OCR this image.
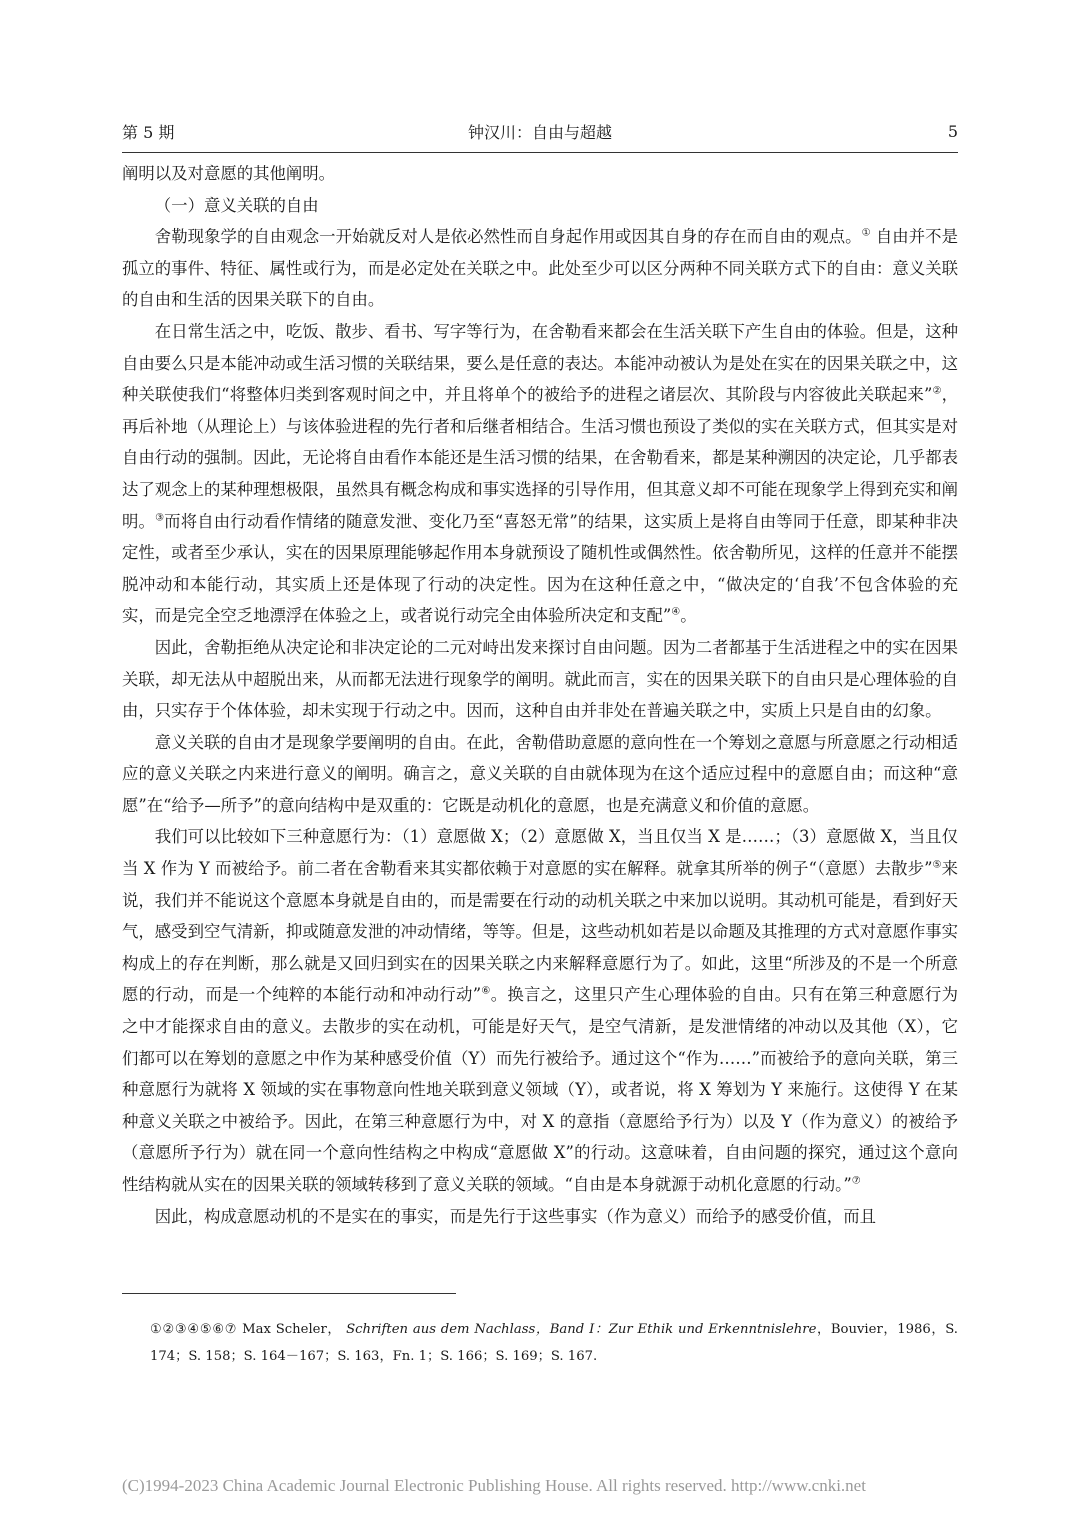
第 5 期	钟汉川：自由与超越	5

阐明以及对意愿的其他阐明。

（一）意义关联的自由

舍勒现象学的自由观念一开始就反对人是依必然性而自身起作用或因其自身的存在而自由的观点。① 自由并不是孤立的事件、特征、属性或行为，而是必定处在关联之中。此处至少可以区分两种不同关联方式下的自由：意义关联的自由和生活的因果关联下的自由。

在日常生活之中，吃饭、散步、看书、写字等行为，在舍勒看来都会在生活关联下产生自由的体验。但是，这种自由要么只是本能冲动或生活习惯的关联结果，要么是任意的表达。本能冲动被认为是处在实在的因果关联之中，这种关联使我们“将整体归类到客观时间之中，并且将单个的被给予的进程之诸层次、其阶段与内容彼此关联起来”②，再后补地（从理论上）与该体验进程的先行者和后继者相结合。生活习惯也预设了类似的实在关联方式，但其实是对自由行动的强制。因此，无论将自由看作本能还是生活习惯的结果，在舍勒看来，都是某种溯因的决定论，几乎都表达了观念上的某种理想极限，虽然具有概念构成和事实选择的引导作用，但其意义却不可能在现象学上得到充实和阐明。③而将自由行动看作情绪的随意发泄、变化乃至“喜怒无常”的结果，这实质上是将自由等同于任意，即某种非决定性，或者至少承认，实在的因果原理能够起作用本身就预设了随机性或偶然性。依舍勒所见，这样的任意并不能摆脱冲动和本能行动，其实质上还是体现了行动的决定性。因为在这种任意之中，“做决定的‘自我’不包含体验的充实，而是完全空乏地漂浮在体验之上，或者说行动完全由体验所决定和支配”④。

因此，舍勒拒绝从决定论和非决定论的二元对峙出发来探讨自由问题。因为二者都基于生活进程之中的实在因果关联，却无法从中超脱出来，从而都无法进行现象学的阐明。就此而言，实在的因果关联下的自由只是心理体验的自由，只实存于个体体验，却未实现于行动之中。因而，这种自由并非处在普遍关联之中，实质上只是自由的幻象。

意义关联的自由才是现象学要阐明的自由。在此，舍勒借助意愿的意向性在一个筹划之意愿与所意愿之行动相适应的意义关联之内来进行意义的阐明。确言之，意义关联的自由就体现为在这个适应过程中的意愿自由；而这种“意愿”在“给予—所予”的意向结构中是双重的：它既是动机化的意愿，也是充满意义和价值的意愿。

我们可以比较如下三种意愿行为：（1）意愿做 X；（2）意愿做 X，当且仅当 X 是……；（3）意愿做 X，当且仅当 X 作为 Y 而被给予。前二者在舍勒看来其实都依赖于对意愿的实在解释。就拿其所举的例子“（意愿）去散步”⑤来说，我们并不能说这个意愿本身就是自由的，而是需要在行动的动机关联之中来加以说明。其动机可能是，看到好天气，感受到空气清新，抑或随意发泄的冲动情绪，等等。但是，这些动机如若是以命题及其推理的方式对意愿作事实构成上的存在判断，那么就是又回归到实在的因果关联之内来解释意愿行为了。如此，这里“所涉及的不是一个所意愿的行动，而是一个纯粹的本能行动和冲动行动”⑥。换言之，这里只产生心理体验的自由。只有在第三种意愿行为之中才能探求自由的意义。去散步的实在动机，可能是好天气，是空气清新，是发泄情绪的冲动以及其他（X），它们都可以在筹划的意愿之中作为某种感受价值（Y）而先行被给予。通过这个“作为……”而被给予的意向关联，第三种意愿行为就将 X 领域的实在事物意向性地关联到意义领域（Y），或者说，将 X 筹划为 Y 来施行。这使得 Y 在某种意义关联之中被给予。因此，在第三种意愿行为中，对 X 的意指（意愿给予行为）以及 Y（作为意义）的被给予（意愿所予行为）就在同一个意向性结构之中构成“意愿做 X”的行动。这意味着，自由问题的探究，通过这个意向性结构就从实在的因果关联的领域转移到了意义关联的领域。“自由是本身就源于动机化意愿的行动。”⑦

因此，构成意愿动机的不是实在的事实，而是先行于这些事实（作为意义）而给予的感受价值，而且

①②③④⑤⑥⑦ Max Scheler， Schriften aus dem Nachlass，Band I：Zur Ethik und Erkenntnislehre，Bouvier，1986，S. 174；S. 158；S. 164－167；S. 163，Fn. 1；S. 166；S. 169；S. 167.
(C)1994-2023 China Academic Journal Electronic Publishing House. All rights reserved. http://www.cnki.net
